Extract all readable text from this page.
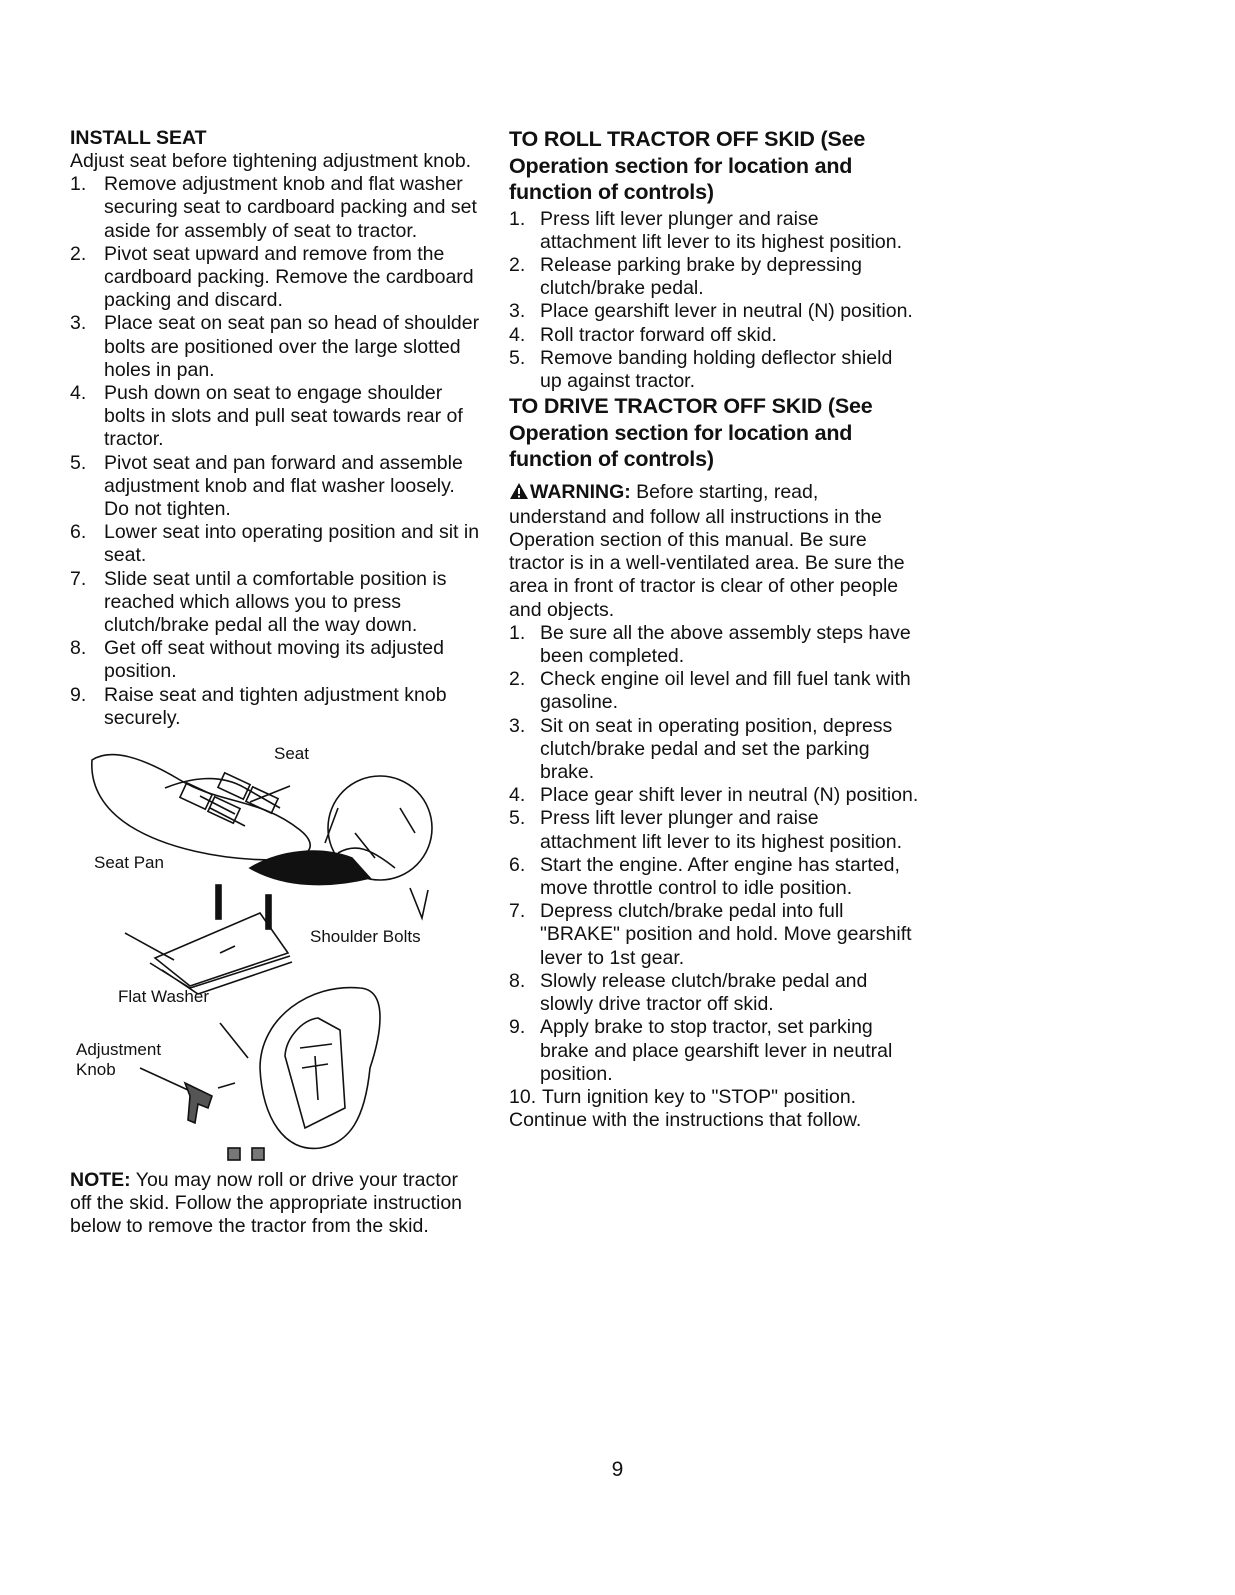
INSTALL SEAT

Adjust seat before tightening adjustment knob.

1. Remove adjustment knob and flat washer securing seat to cardboard packing and set aside for assembly of seat to tractor.
2. Pivot seat upward and remove from the cardboard packing. Remove the cardboard packing and discard.
3. Place seat on seat pan so head of shoulder bolts are positioned over the large slotted holes in pan.
4. Push down on seat to engage shoulder bolts in slots and pull seat towards rear of tractor.
5. Pivot seat and pan forward and assemble adjustment knob and flat washer loosely. Do not tighten.
6. Lower seat into operating position and sit in seat.
7. Slide seat until a comfortable position is reached which allows you to press clutch/brake pedal all the way down.
8. Get off seat without moving its adjusted position.
9. Raise seat and tighten adjustment knob securely.
Seat
Seat Pan
Shoulder Bolts
Flat Washer
Adjustment
Knob

NOTE: You may now roll or drive your tractor off the skid. Follow the appropriate instruction below to remove the tractor from the skid.

TO ROLL TRACTOR OFF SKID (See Operation section for location and function of controls)
1. Press lift lever plunger and raise attachment lift lever to its highest position.
2. Release parking brake by depressing clutch/brake pedal.
3. Place gearshift lever in neutral (N) position.
4. Roll tractor forward off skid.
5. Remove banding holding deflector shield up against tractor.
TO DRIVE TRACTOR OFF SKID (See Operation section for location and function of controls)

WARNING: Before starting, read, understand and follow all instructions in the Operation section of this manual. Be sure tractor is in a well-ventilated area. Be sure the area in front of tractor is clear of other people and objects.

1. Be sure all the above assembly steps have been completed.
2. Check engine oil level and fill fuel tank with gasoline.
3. Sit on seat in operating position, depress clutch/brake pedal and set the parking brake.
4. Place gear shift lever in neutral (N) position.
5. Press lift lever plunger and raise attachment lift lever to its highest position.
6. Start the engine. After engine has started, move throttle control to idle position.
7. Depress clutch/brake pedal into full "BRAKE" position and hold. Move gearshift lever to 1st gear.
8. Slowly release clutch/brake pedal and slowly drive tractor off skid.
9. Apply brake to stop tractor, set parking brake and place gearshift lever in neutral position.
10. Turn ignition key to "STOP" position.

Continue with the instructions that follow.

9
